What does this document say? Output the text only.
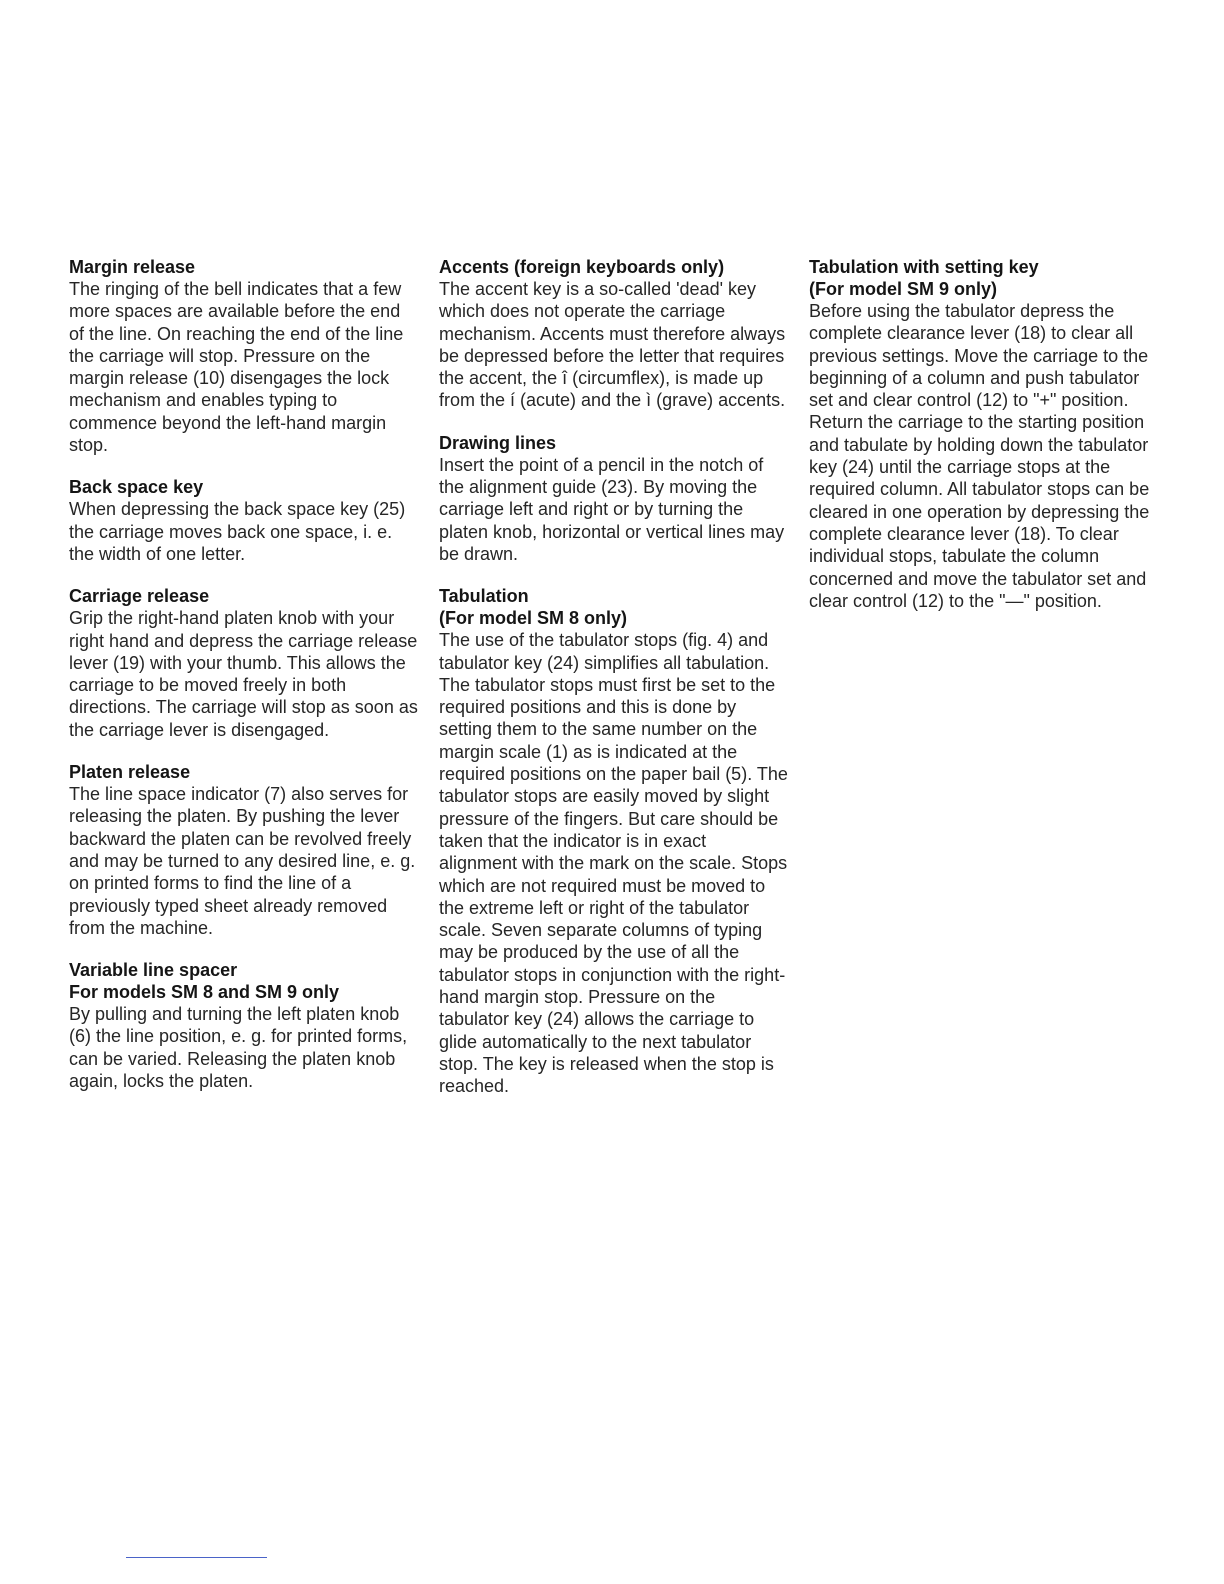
Margin release
The ringing of the bell indicates that a few more spaces are available before the end of the line. On reaching the end of the line the carriage will stop. Pressure on the margin release (10) disengages the lock mechanism and enables typing to commence beyond the left-hand margin stop.
Back space key
When depressing the back space key (25) the carriage moves back one space, i. e. the width of one letter.
Carriage release
Grip the right-hand platen knob with your right hand and depress the carriage release lever (19) with your thumb. This allows the carriage to be moved freely in both directions. The carriage will stop as soon as the carriage lever is disengaged.
Platen release
The line space indicator (7) also serves for releasing the platen. By pushing the lever backward the platen can be revolved freely and may be turned to any desired line, e. g. on printed forms to find the line of a previously typed sheet already removed from the machine.
Variable line spacer
For models SM 8 and SM 9 only
By pulling and turning the left platen knob (6) the line position, e. g. for printed forms, can be varied. Releasing the platen knob again, locks the platen.
Accents (foreign keyboards only)
The accent key is a so-called 'dead' key which does not operate the carriage mechanism. Accents must therefore always be depressed before the letter that requires the accent, the î (circumflex), is made up from the í (acute) and the ì (grave) accents.
Drawing lines
Insert the point of a pencil in the notch of the alignment guide (23). By moving the carriage left and right or by turning the platen knob, horizontal or vertical lines may be drawn.
Tabulation
(For model SM 8 only)
The use of the tabulator stops (fig. 4) and tabulator key (24) simplifies all tabulation. The tabulator stops must first be set to the required positions and this is done by setting them to the same number on the margin scale (1) as is indicated at the required positions on the paper bail (5). The tabulator stops are easily moved by slight pressure of the fingers. But care should be taken that the indicator is in exact alignment with the mark on the scale. Stops which are not required must be moved to the extreme left or right of the tabulator scale. Seven separate columns of typing may be produced by the use of all the tabulator stops in conjunction with the right-hand margin stop. Pressure on the tabulator key (24) allows the carriage to glide automatically to the next tabulator stop. The key is released when the stop is reached.
Tabulation with setting key
(For model SM 9 only)
Before using the tabulator depress the complete clearance lever (18) to clear all previous settings. Move the carriage to the beginning of a column and push tabulator set and clear control (12) to "+" position. Return the carriage to the starting position and tabulate by holding down the tabulator key (24) until the carriage stops at the required column. All tabulator stops can be cleared in one operation by depressing the complete clearance lever (18). To clear individual stops, tabulate the column concerned and move the tabulator set and clear control (12) to the "—" position.
